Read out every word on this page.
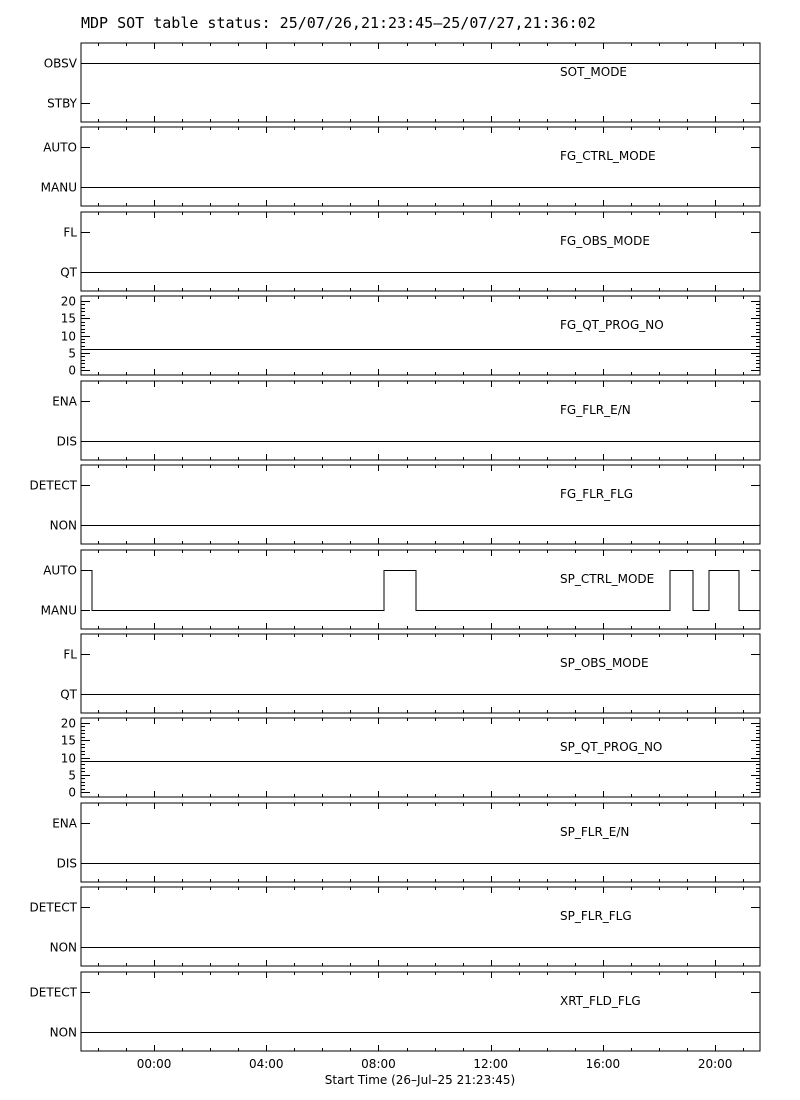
MDP SOT table status: 25/07/26,21:23:45–25/07/27,21:36:02
STBY
OBSV
SOT_MODE
MANU
AUTO
FG_CTRL_MODE
QT
FL
FG_OBS_MODE
0
5
10
15
20
FG_QT_PROG_NO
DIS
ENA
FG_FLR_E/N
NON
DETECT
FG_FLR_FLG
MANU
AUTO
SP_CTRL_MODE
QT
FL
SP_OBS_MODE
0
5
10
15
20
SP_QT_PROG_NO
DIS
ENA
SP_FLR_E/N
NON
DETECT
SP_FLR_FLG
NON
DETECT
XRT_FLD_FLG
00:00	04:00	08:00	12:00	16:00	20:00
Start Time (26–Jul–25 21:23:45)
